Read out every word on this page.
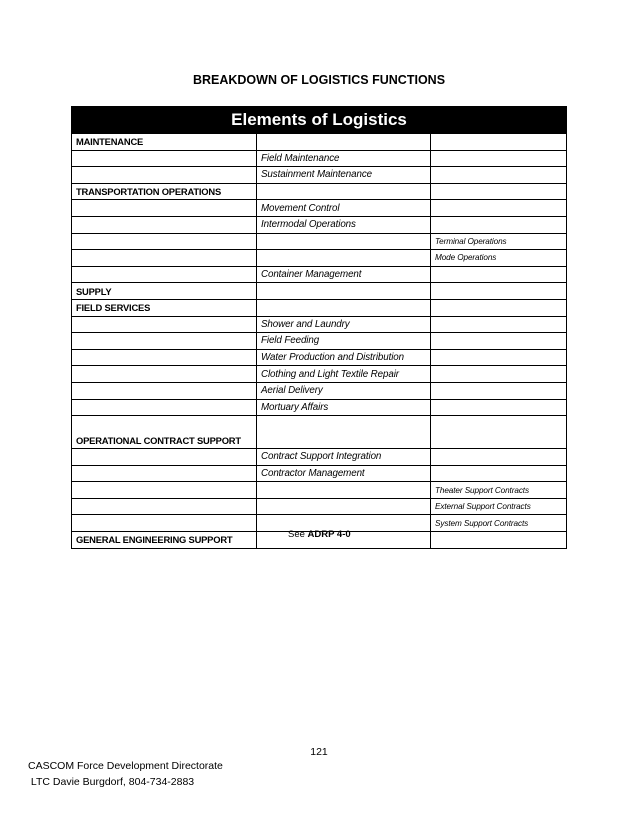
BREAKDOWN OF LOGISTICS FUNCTIONS
Elements of Logistics		
MAINTENANCE		
	Field Maintenance	
	Sustainment Maintenance	
TRANSPORTATION OPERATIONS		
	Movement Control	
	Intermodal Operations	
		Terminal Operations
		Mode Operations
	Container Management	
SUPPLY		
FIELD SERVICES		
	Shower and Laundry	
	Field Feeding	
	Water Production and Distribution	
	Clothing and Light Textile Repair	
	Aerial Delivery	
	Mortuary Affairs	
OPERATIONAL CONTRACT SUPPORT		
	Contract Support Integration	
	Contractor Management	
		Theater Support Contracts
		External Support Contracts
		System Support Contracts
GENERAL ENGINEERING SUPPORT			See ADRP 4-0
121
CASCOM Force Development Directorate
LTC Davie Burgdorf, 804-734-2883
